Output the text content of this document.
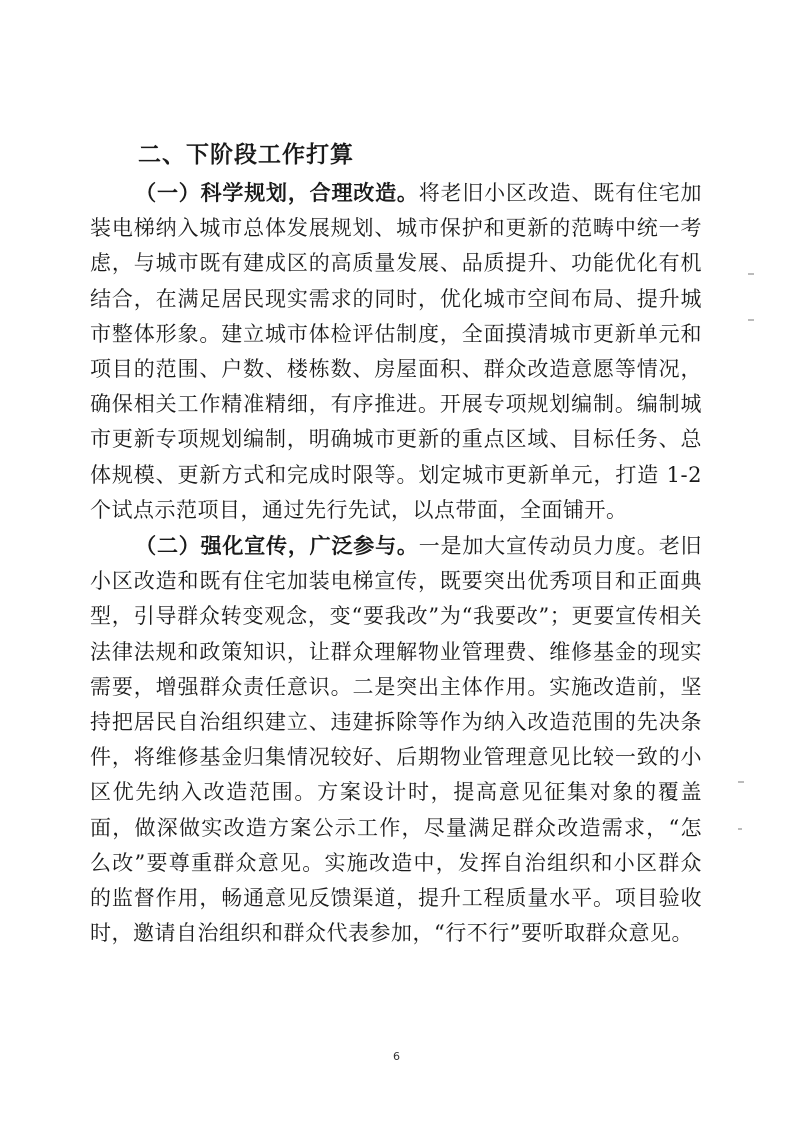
二、下阶段工作打算
（一）科学规划，合理改造。将老旧小区改造、既有住宅加装电梯纳入城市总体发展规划、城市保护和更新的范畴中统一考虑，与城市既有建成区的高质量发展、品质提升、功能优化有机结合，在满足居民现实需求的同时，优化城市空间布局、提升城市整体形象。建立城市体检评估制度，全面摸清城市更新单元和项目的范围、户数、楼栋数、房屋面积、群众改造意愿等情况，确保相关工作精准精细，有序推进。开展专项规划编制。编制城市更新专项规划编制，明确城市更新的重点区域、目标任务、总体规模、更新方式和完成时限等。划定城市更新单元，打造 1-2 个试点示范项目，通过先行先试，以点带面，全面铺开。
（二）强化宣传，广泛参与。一是加大宣传动员力度。老旧小区改造和既有住宅加装电梯宣传，既要突出优秀项目和正面典型，引导群众转变观念，变“要我改”为“我要改”；更要宣传相关法律法规和政策知识，让群众理解物业管理费、维修基金的现实需要，增强群众责任意识。二是突出主体作用。实施改造前，坚持把居民自治组织建立、违建拆除等作为纳入改造范围的先决条件，将维修基金归集情况较好、后期物业管理意见比较一致的小区优先纳入改造范围。方案设计时，提高意见征集对象的覆盖面，做深做实改造方案公示工作，尽量满足群众改造需求，“怎么改”要尊重群众意见。实施改造中，发挥自治组织和小区群众的监督作用，畅通意见反馈渠道，提升工程质量水平。项目验收时，邀请自治组织和群众代表参加，“行不行”要听取群众意见。
6
